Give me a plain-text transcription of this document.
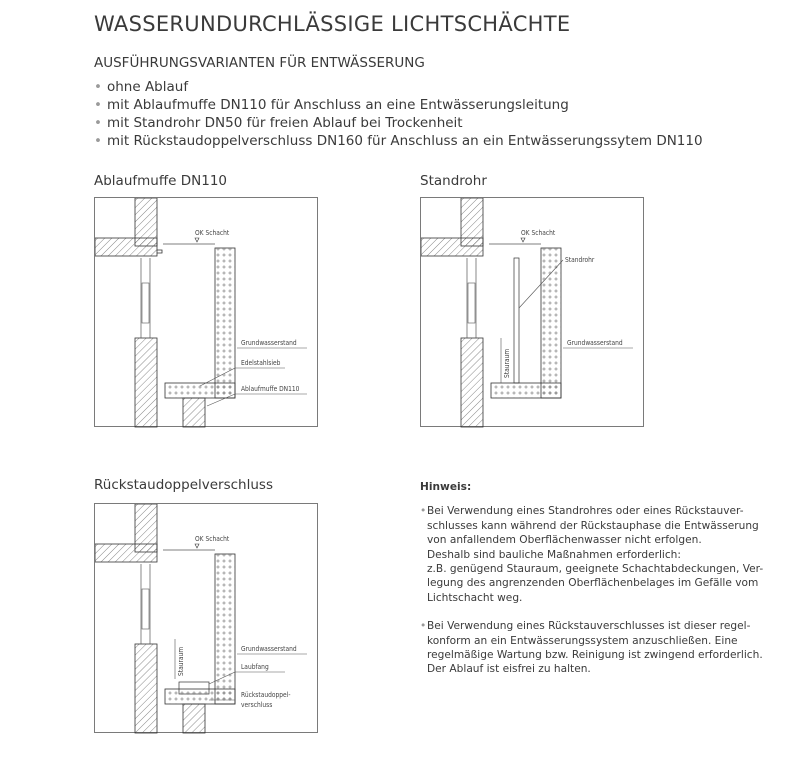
WASSERUNDURCHLÄSSIGE LICHTSCHÄCHTE
AUSFÜHRUNGSVARIANTEN FÜR ENTWÄSSERUNG
• ohne Ablauf
• mit Ablaufmuffe DN110 für Anschluss an eine Entwässerungsleitung
• mit Standrohr DN50 für freien Ablauf bei Trockenheit
• mit Rückstaudoppelverschluss DN160 für Anschluss an ein Entwässerungssytem DN110
Ablaufmuffe DN110
OK Schacht
Grundwasserstand
Edelstahlsieb
Ablaufmuffe DN110
Standrohr
OK Schacht
Standrohr
Grundwasserstand
Stauraum
Rückstaudoppelverschluss
OK Schacht
Grundwasserstand
Stauraum	Laubfang
Rückstaudoppel-
verschluss
Hinweis:
• Bei Verwendung eines Standrohres oder eines Rückstauver-
schlusses kann während der Rückstauphase die Entwässerung
von anfallendem Oberflächenwasser nicht erfolgen.
Deshalb sind bauliche Maßnahmen erforderlich:
z.B. genügend Stauraum, geeignete Schachtabdeckungen, Ver-
legung des angrenzenden Oberflächenbelages im Gefälle vom
Lichtschacht weg.
• Bei Verwendung eines Rückstauverschlusses ist dieser regel-
konform an ein Entwässerungssystem anzuschließen. Eine
regelmäßige Wartung bzw. Reinigung ist zwingend erforderlich.
Der Ablauf ist eisfrei zu halten.
